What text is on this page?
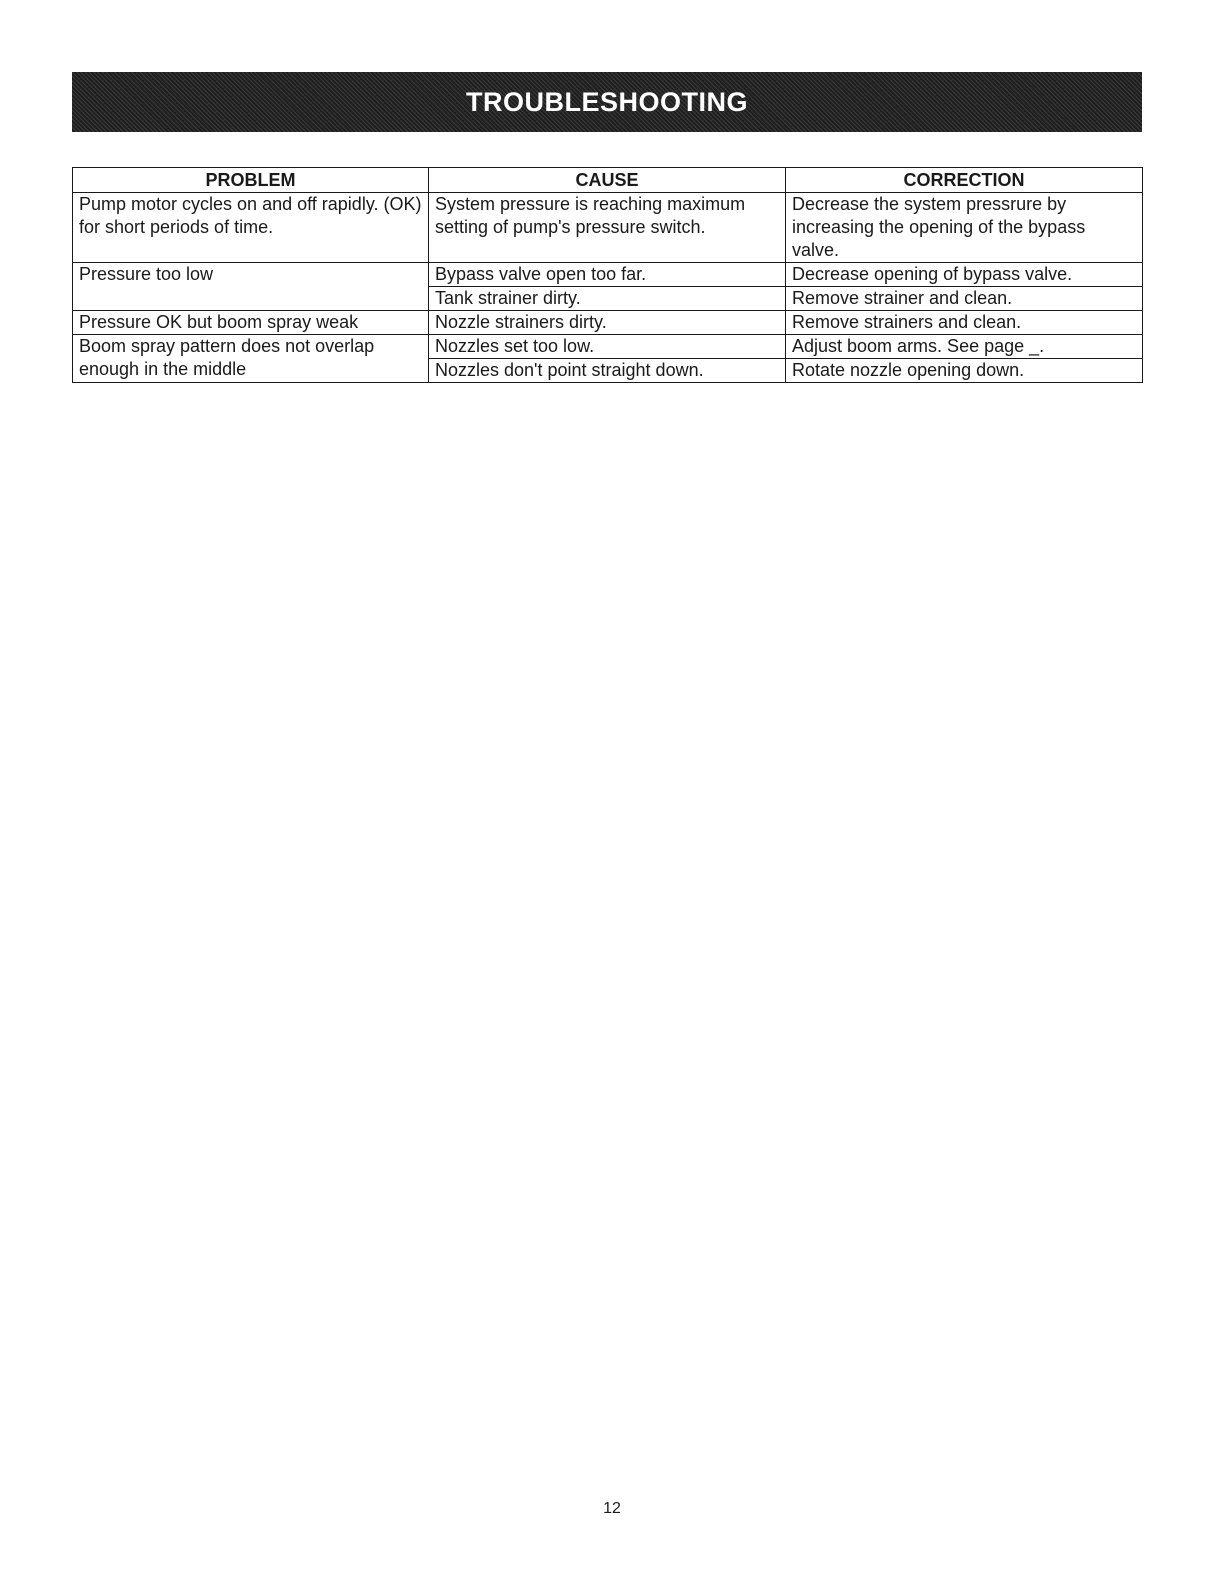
TROUBLESHOOTING
PROBLEM	CAUSE	CORRECTION
Pump motor cycles on and off rapidly. (OK) for short periods of time.	System pressure is reaching maximum setting of pump's pressure switch.	Decrease the system pressrure by increasing the opening of the bypass valve.
Pressure too low	Bypass valve open too far.	Decrease opening of bypass valve.
	Tank strainer dirty.	Remove strainer and clean.
Pressure OK but boom spray weak	Nozzle strainers dirty.	Remove strainers and clean.
Boom spray pattern does not overlap enough in the middle	Nozzles set too low.	Adjust boom arms. See page _.
	Nozzles don't point straight down.	Rotate nozzle opening down.
12
